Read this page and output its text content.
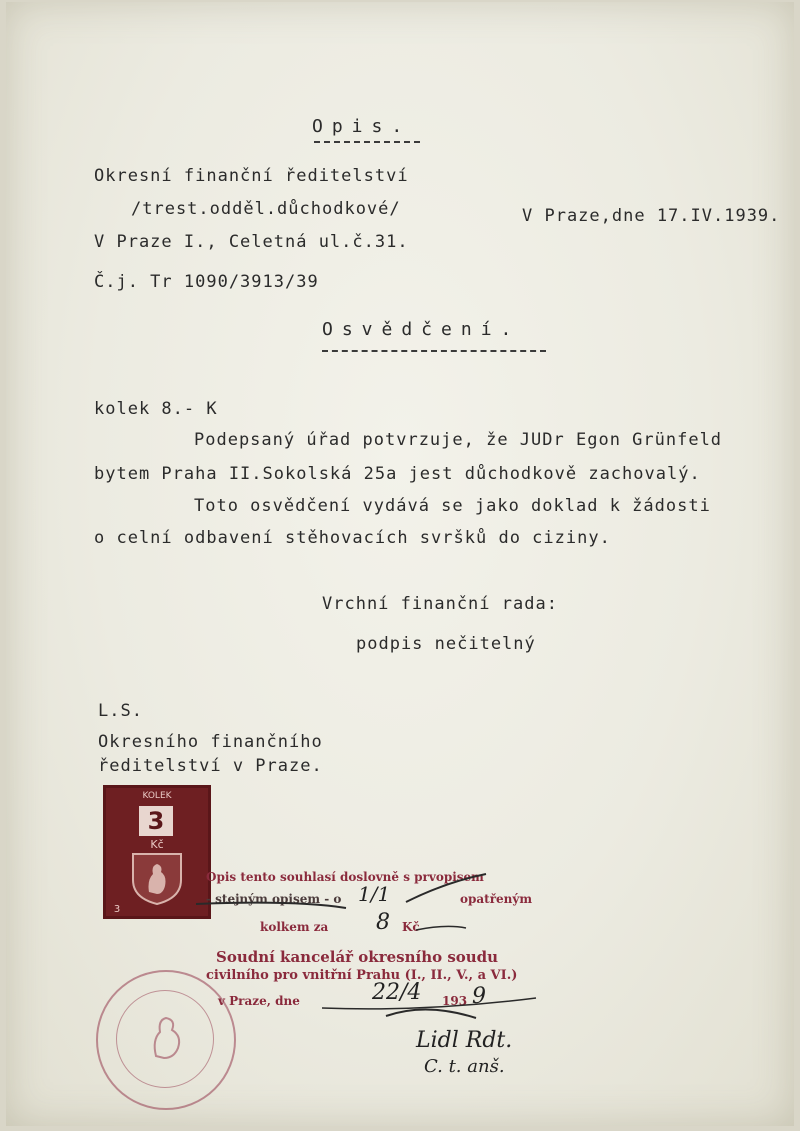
Opis.
Okresní finanční ředitelství
/trest.odděl.důchodkové/
V Praze I., Celetná ul.č.31.
Č.j. Tr 1090/3913/39
V Praze,dne 17.IV.1939.
Osvědčení.
kolek 8.- K
Podepsaný úřad potvrzuje, že JUDr Egon Grünfeld
bytem Praha II.Sokolská 25a jest důchodkově zachovalý.
Toto osvědčení vydává se jako doklad k žádosti
o celní odbavení stěhovacích svršků do ciziny.
Vrchní finanční rada:
podpis nečitelný
L.S.
Okresního finančního
ředitelství v Praze.
KOLEK
3
Kč
3
Opis tento souhlasí doslovně s prvopisem
- stejným opisem - o	opatřeným
kolkem za	Kč
Soudní kancelář okresního soudu
civilního pro vnitřní Prahu (I., II., V., a VI.)
v Praze, dne	193
1/1
8
22/4 9
Lidl Rdt.
C. t. anš.
